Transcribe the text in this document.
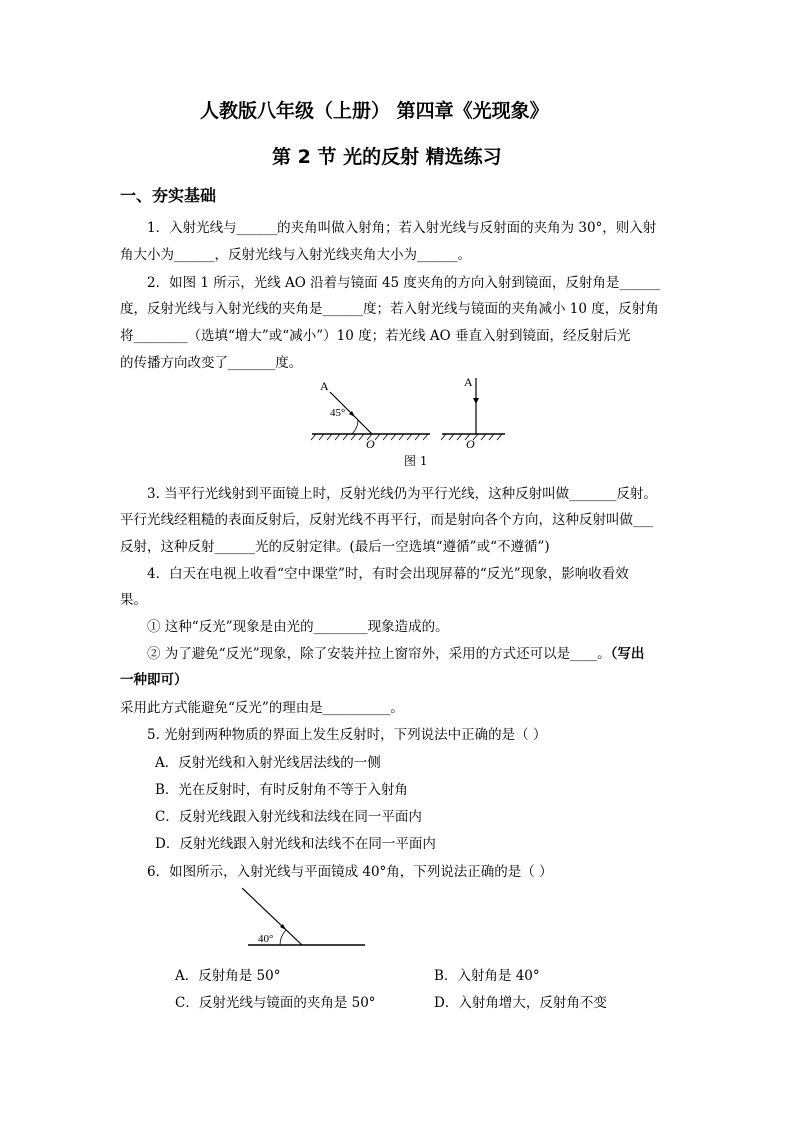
人教版八年级（上册） 第四章《光现象》
第 2 节 光的反射 精选练习
一、夯实基础
1．入射光线与______的夹角叫做入射角；若入射光线与反射面的夹角为 30°，则入射
角大小为______，反射光线与入射光线夹角大小为______。
2．如图 1 所示，光线 AO 沿着与镜面 45 度夹角的方向入射到镜面，反射角是______
度，反射光线与入射光线的夹角是______度；若入射光线与镜面的夹角减小 10 度，反射角
将________（选填“增大”或“减小”）10 度；若光线 AO 垂直入射到镜面，经反射后光
的传播方向改变了_______度。
A
45°
O
A
O
图 1
3. 当平行光线射到平面镜上时，反射光线仍为平行光线，这种反射叫做_______反射。
平行光线经粗糙的表面反射后，反射光线不再平行，而是射向各个方向，这种反射叫做___
反射，这种反射______光的反射定律。(最后一空选填“遵循”或“不遵循”)
4．白天在电视上收看“空中课堂”时，有时会出现屏幕的“反光”现象，影响收看效
果。
① 这种“反光”现象是由光的________现象造成的。
② 为了避免“反光”现象，除了安装并拉上窗帘外，采用的方式还可以是____。（写出
一种即可）
采用此方式能避免“反光”的理由是__________。
5. 光射到两种物质的界面上发生反射时，下列说法中正确的是（ ）
A．反射光线和入射光线居法线的一侧
B．光在反射时，有时反射角不等于入射角
C．反射光线跟入射光线和法线在同一平面内
D．反射光线跟入射光线和法线不在同一平面内
6．如图所示，入射光线与平面镜成 40°角，下列说法正确的是（ ）
40°
A．反射角是 50°	B．入射角是 40°
C．反射光线与镜面的夹角是 50°	D．入射角增大，反射角不变
